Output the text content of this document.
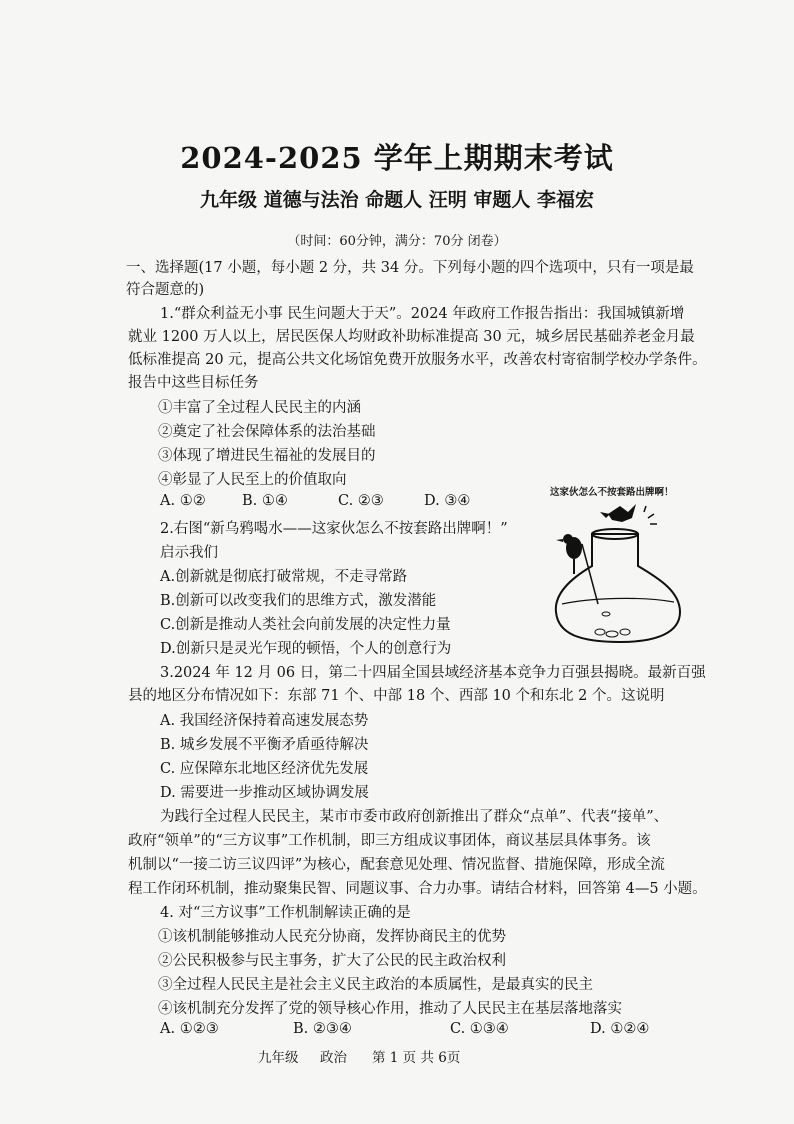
2024-2025 学年上期期末考试
九年级 道德与法治 命题人 汪明 审题人 李福宏
（时间：60分钟，满分：70分 闭卷）
一、选择题(17 小题，每小题 2 分，共 34 分。下列每小题的四个选项中，只有一项是最
符合题意的)
1.“群众利益无小事 民生问题大于天”。2024 年政府工作报告指出：我国城镇新增
就业 1200 万人以上，居民医保人均财政补助标准提高 30 元，城乡居民基础养老金月最
低标准提高 20 元，提高公共文化场馆免费开放服务水平，改善农村寄宿制学校办学条件。
报告中这些目标任务
①丰富了全过程人民民主的内涵
②奠定了社会保障体系的法治基础
③体现了增进民生福祉的发展目的
④彰显了人民至上的价值取向
A. ①②	B. ①④	C. ②③	D. ③④
2.右图“新乌鸦喝水——这家伙怎么不按套路出牌啊！”
启示我们
A.创新就是彻底打破常规，不走寻常路
B.创新可以改变我们的思维方式，激发潜能
C.创新是推动人类社会向前发展的决定性力量
D.创新只是灵光乍现的顿悟，个人的创意行为
这家伙怎么不按套路出牌啊！
3.2024 年 12 月 06 日，第二十四届全国县域经济基本竞争力百强县揭晓。最新百强
县的地区分布情况如下：东部 71 个、中部 18 个、西部 10 个和东北 2 个。这说明
A. 我国经济保持着高速发展态势
B. 城乡发展不平衡矛盾亟待解决
C. 应保障东北地区经济优先发展
D. 需要进一步推动区域协调发展
为践行全过程人民民主，某市市委市政府创新推出了群众“点单”、代表“接单”、
政府“领单”的“三方议事”工作机制，即三方组成议事团体，商议基层具体事务。该
机制以“一接二访三议四评”为核心，配套意见处理、情况监督、措施保障，形成全流
程工作闭环机制，推动聚集民智、同题议事、合力办事。请结合材料，回答第 4—5 小题。
4. 对“三方议事”工作机制解读正确的是
①该机制能够推动人民充分协商，发挥协商民主的优势
②公民积极参与民主事务，扩大了公民的民主政治权利
③全过程人民民主是社会主义民主政治的本质属性，是最真实的民主
④该机制充分发挥了党的领导核心作用，推动了人民民主在基层落地落实
A. ①②③	B. ②③④	C. ①③④	D. ①②④
九年级 政治 第 1 页 共 6页
